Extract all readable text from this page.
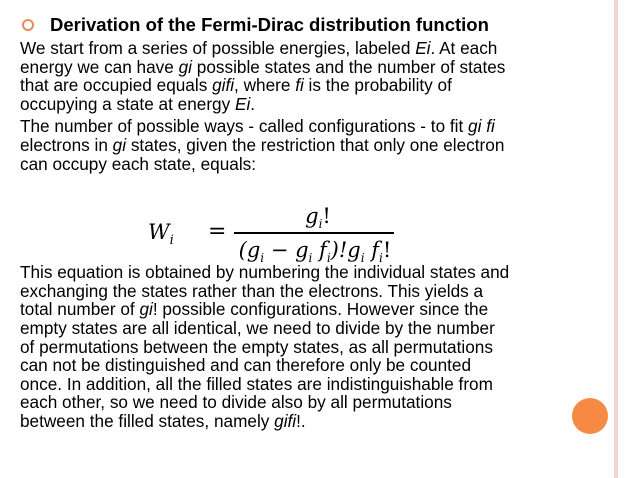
Derivation of the Fermi-Dirac distribution function
We start from a series of possible energies, labeled Ei. At each
energy we can have gi possible states and the number of states
that are occupied equals gifi, where fi is the probability of
occupying a state at energy Ei.
The number of possible ways - called configurations - to fit gi fi
electrons in gi states, given the restriction that only one electron
can occupy each state, equals:
$W_i$ =
$g_i$!
($g_i - g_i$ $f_i)!g_i$ $f_i$!
This equation is obtained by numbering the individual states and
exchanging the states rather than the electrons. This yields a
total number of gi! possible configurations. However since the
empty states are all identical, we need to divide by the number
of permutations between the empty states, as all permutations
can not be distinguished and can therefore only be counted
once. In addition, all the filled states are indistinguishable from
each other, so we need to divide also by all permutations
between the filled states, namely gifi!.
